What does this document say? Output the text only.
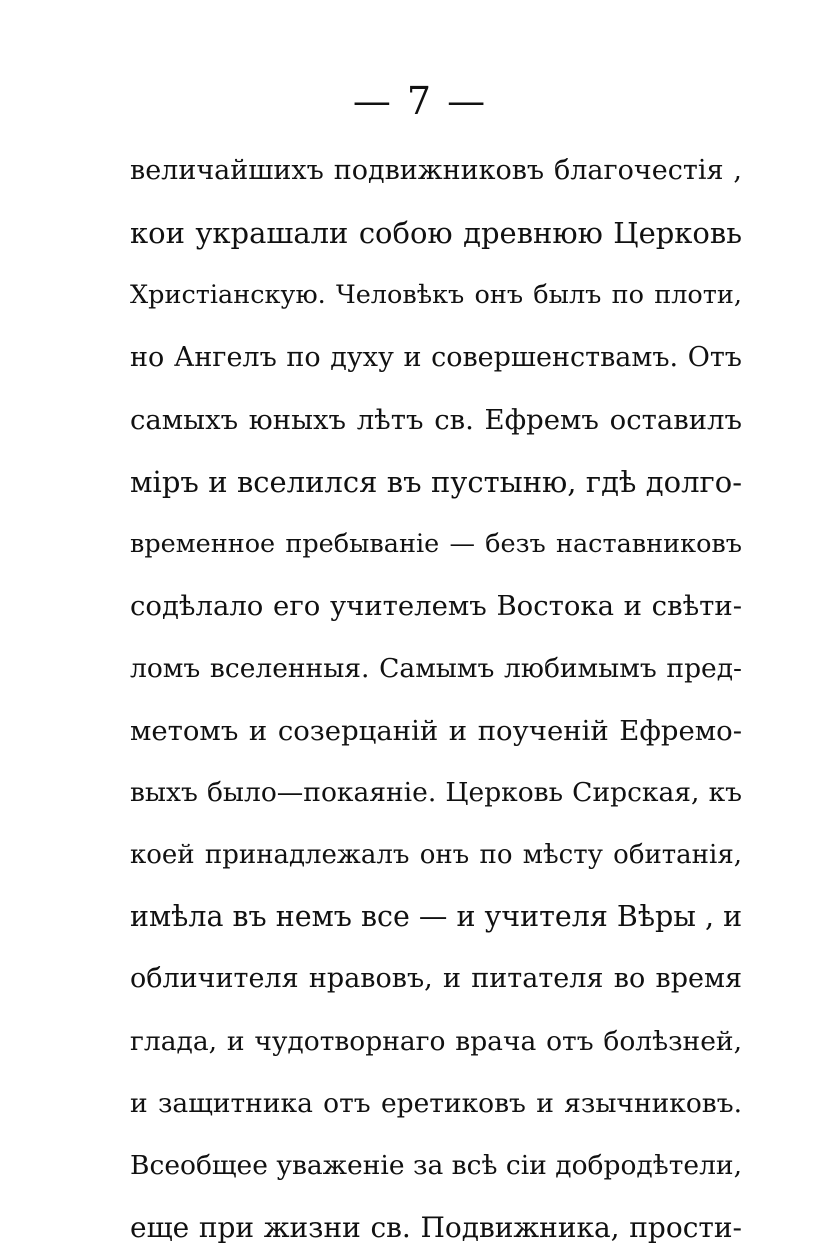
— 7 —
величайшихъ подвижниковъ благочестія ,
кои украшали собою древнюю Церковь
Христіанскую. Человѣкъ онъ былъ по плоти,
но Ангелъ по духу и совершенствамъ. Отъ
самыхъ юныхъ лѣтъ св. Ефремъ оставилъ
міръ и вселился въ пустыню, гдѣ долго-
временное пребываніе — безъ наставниковъ
содѣлало его учителемъ Востока и свѣти-
ломъ вселенныя. Самымъ любимымъ пред-
метомъ и созерцаній и поученій Ефремо-
выхъ было—покаяніе. Церковь Сирская, къ
коей принадлежалъ онъ по мѣсту обитанія,
имѣла въ немъ все — и учителя Вѣры , и
обличителя нравовъ, и питателя во время
глада, и чудотворнаго врача отъ болѣзней,
и защитника отъ еретиковъ и язычниковъ.
Всеобщее уваженіе за всѣ сіи добродѣтели,
еще при жизни св. Подвижника, прости-
